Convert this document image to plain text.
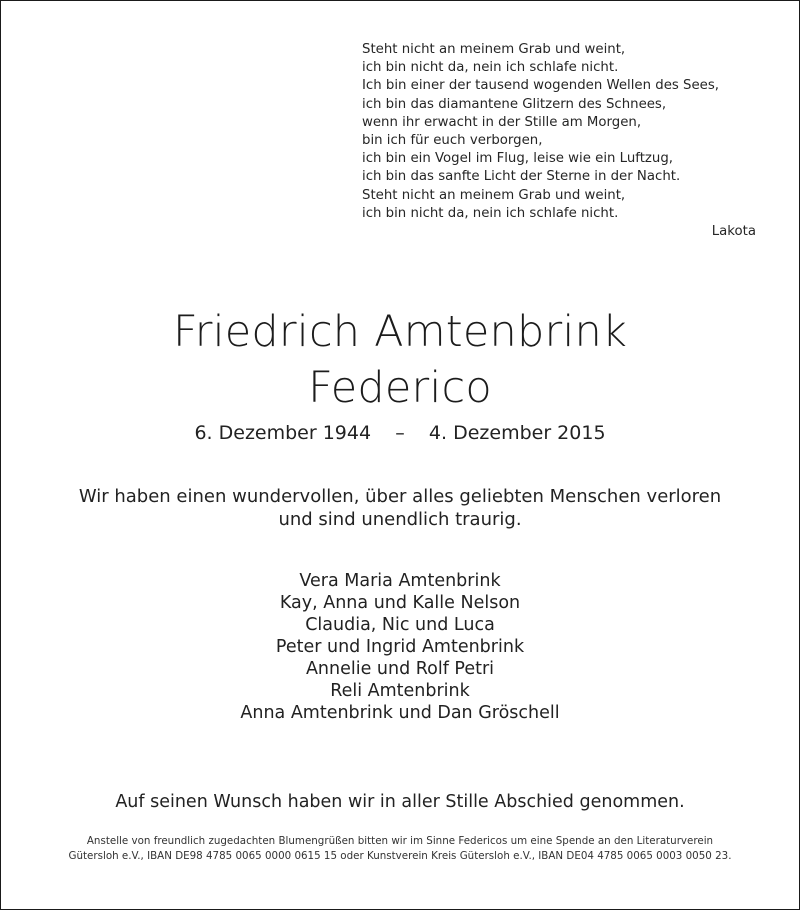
Steht nicht an meinem Grab und weint,
ich bin nicht da, nein ich schlafe nicht.
Ich bin einer der tausend wogenden Wellen des Sees,
ich bin das diamantene Glitzern des Schnees,
wenn ihr erwacht in der Stille am Morgen,
bin ich für euch verborgen,
ich bin ein Vogel im Flug, leise wie ein Luftzug,
ich bin das sanfte Licht der Sterne in der Nacht.
Steht nicht an meinem Grab und weint,
ich bin nicht da, nein ich schlafe nicht.
Lakota
Friedrich Amtenbrink
Federico
6. Dezember 1944 – 4. Dezember 2015
Wir haben einen wundervollen, über alles geliebten Menschen verloren
und sind unendlich traurig.
Vera Maria Amtenbrink
Kay, Anna und Kalle Nelson
Claudia, Nic und Luca
Peter und Ingrid Amtenbrink
Annelie und Rolf Petri
Reli Amtenbrink
Anna Amtenbrink und Dan Gröschell
Auf seinen Wunsch haben wir in aller Stille Abschied genommen.
Anstelle von freundlich zugedachten Blumengrüßen bitten wir im Sinne Federicos um eine Spende an den Literaturverein
Gütersloh e.V., IBAN DE98 4785 0065 0000 0615 15 oder Kunstverein Kreis Gütersloh e.V., IBAN DE04 4785 0065 0003 0050 23.
